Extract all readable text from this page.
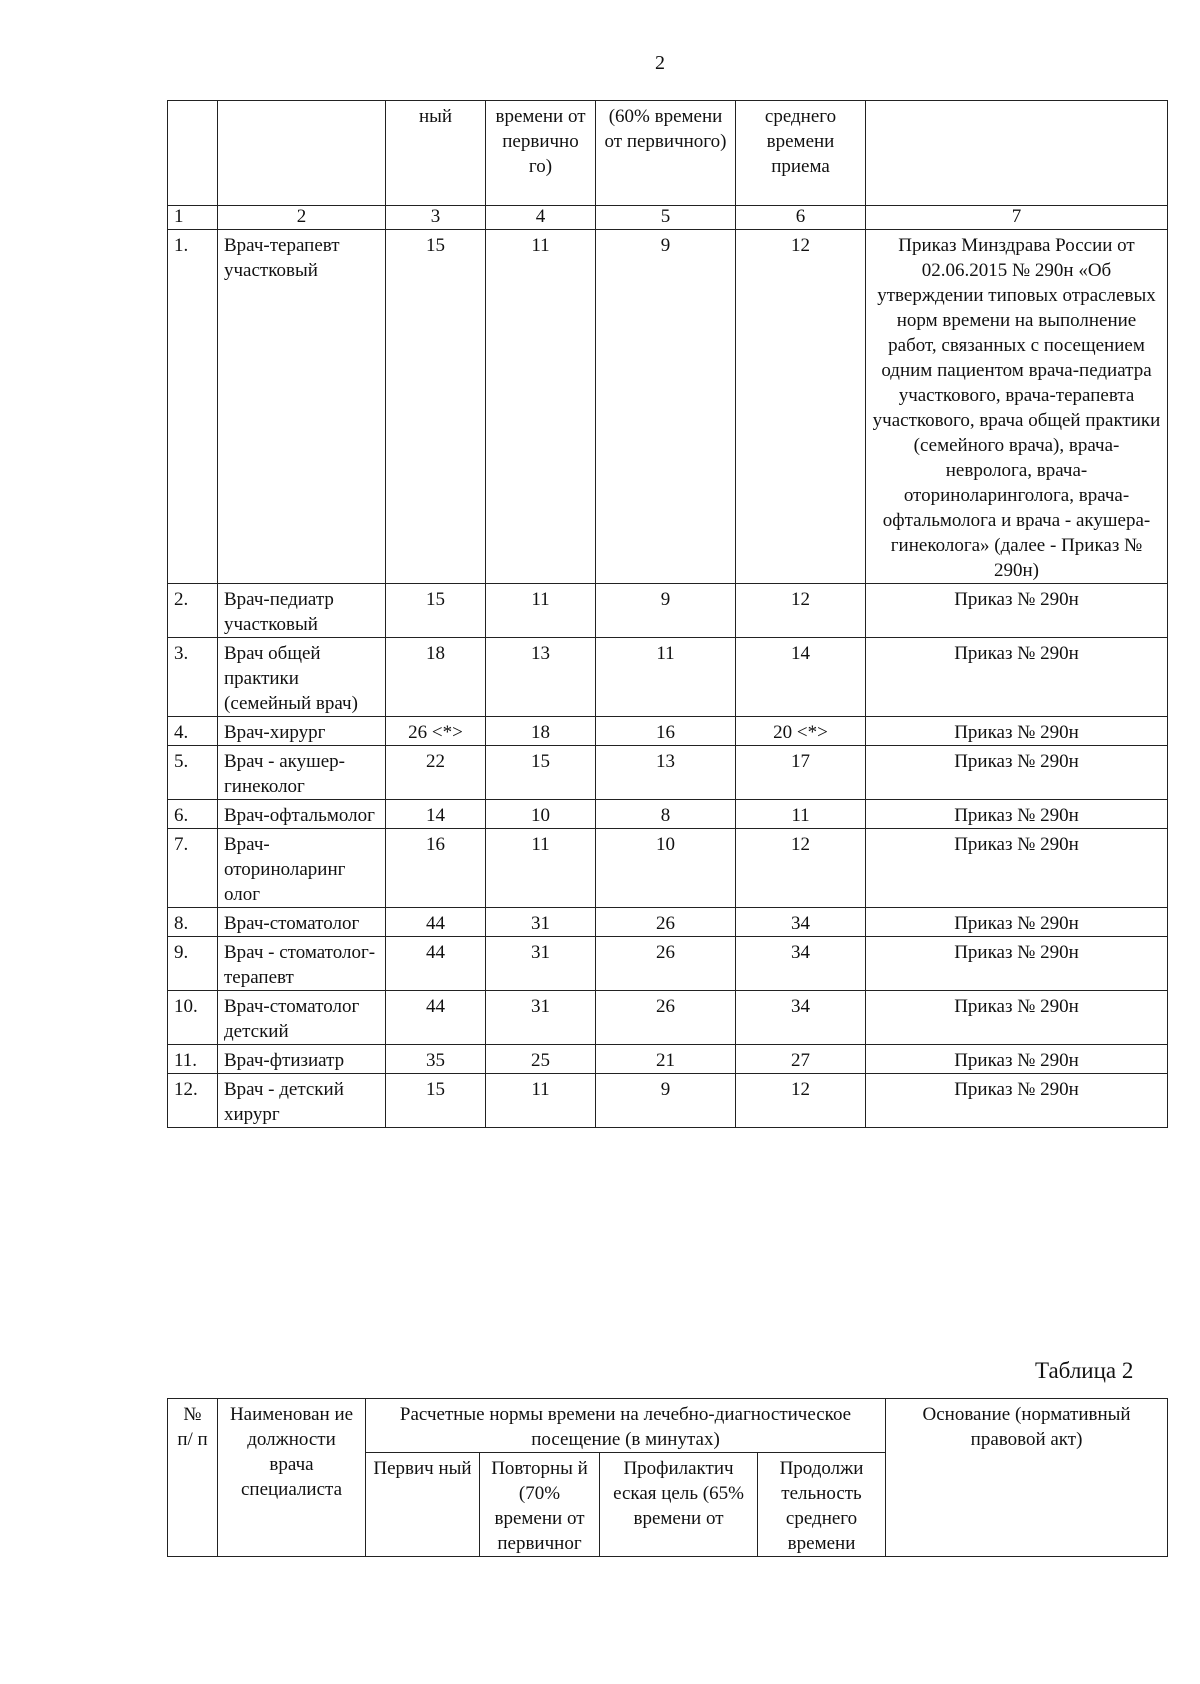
2
		ный	времени от первично го)	(60% времени от первичного)	среднего времени приема	
1	2	3	4	5	6	7
1.	Врач-терапевт участковый	15	11	9	12	Приказ Минздрава России от 02.06.2015 № 290н «Об утверждении типовых отраслевых норм времени на выполнение работ, связанных с посещением одним пациентом врача-педиатра участкового, врача-терапевта участкового, врача общей практики (семейного врача), врача-невролога, врача-оториноларинголога, врача-офтальмолога и врача - акушера-гинеколога» (далее - Приказ № 290н)
2.	Врач-педиатр участковый	15	11	9	12	Приказ № 290н
3.	Врач общей практики (семейный врач)	18	13	11	14	Приказ № 290н
4.	Врач-хирург	26 <*>	18	16	20 <*>	Приказ № 290н
5.	Врач - акушер-гинеколог	22	15	13	17	Приказ № 290н
6.	Врач-офтальмолог	14	10	8	11	Приказ № 290н
7.	Врач-оториноларинг олог	16	11	10	12	Приказ № 290н
8.	Врач-стоматолог	44	31	26	34	Приказ № 290н
9.	Врач - стоматолог-терапевт	44	31	26	34	Приказ № 290н
10.	Врач-стоматолог детский	44	31	26	34	Приказ № 290н
11.	Врач-фтизиатр	35	25	21	27	Приказ № 290н
12.	Врач - детский хирург	15	11	9	12	Приказ № 290н
Таблица 2
№ п/ п	Наименован ие должности врача специалиста	Расчетные нормы времени на лечебно-диагностическое посещение (в минутах)				Основание (нормативный правовой акт)
		Первич ный	Повторны й (70% времени от первичног	Профилактич еская цель (65% времени от	Продолжи тельность среднего времени	
